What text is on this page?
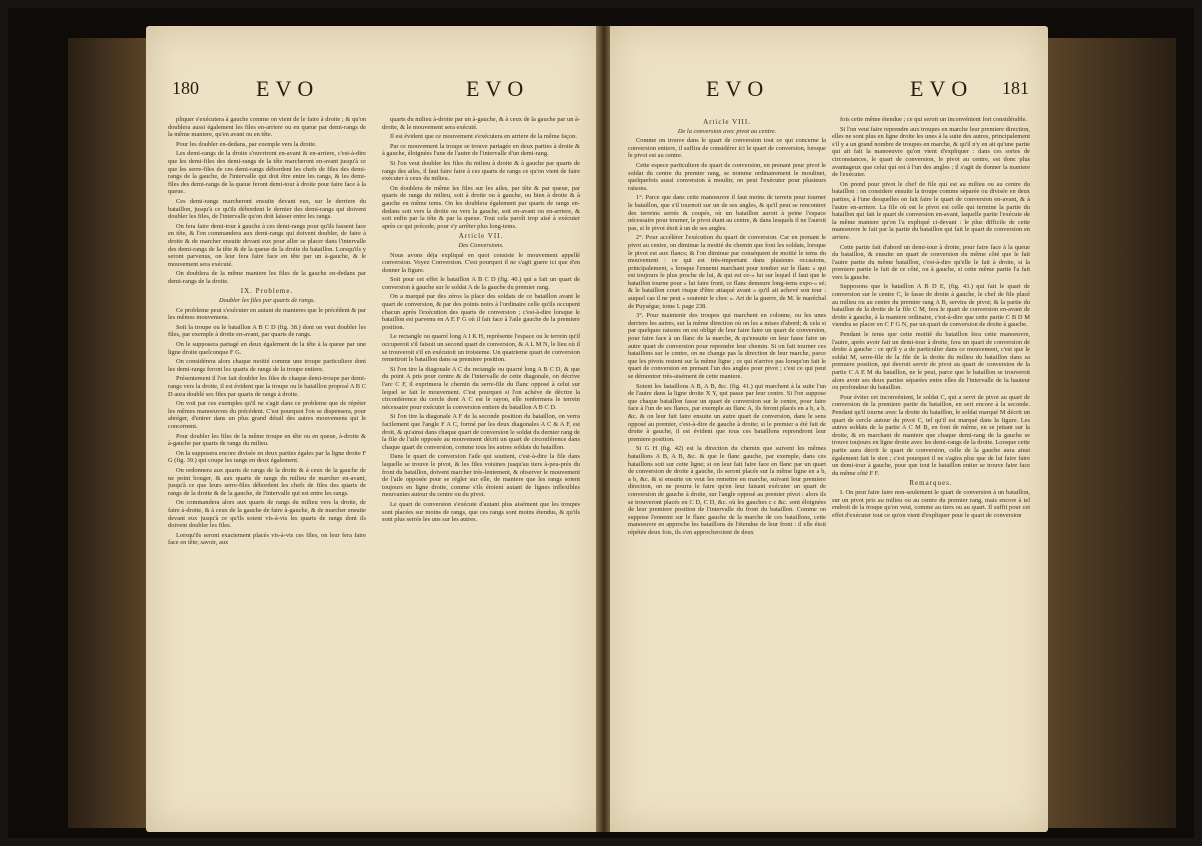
180	EVO	EVO

pliquer s'exécutera à gauche comme on vient de le faire à droite ; & qu'on doublera aussi également les files en-arriere ou en queue par demi-rangs de la même maniere, qu'en avant ou en tête.

Pour les doubler en-dedans, par exemple vers la droite.

Les demi-rangs de la droite s'ouvriront en-avant & en-arriere, c'est-à-dire que les demi-files des demi-rangs de la tête marcheront en-avant jusqu'à ce que les serre-files de ces demi-rangs débordent les chefs de files des demi-rangs de la gauche, de l'intervalle qui doit être entre les rangs, & les demi-files des demi-rangs de la queue feront demi-tour à droite pour faire face à la queue.

Ces demi-rangs marcheront ensuite devant eux, sur le derriere du bataillon, jusqu'à ce qu'ils débordent le dernier des demi-rangs qui doivent doubler les files, de l'intervalle qu'on doit laisser entre les rangs.

On fera faire demi-tour à gauche à ces demi-rangs pour qu'ils fassent face en tête, & l'on commandera aux demi-rangs qui doivent doubler, de faire à droite & de marcher ensuite devant eux pour aller se placer dans l'intervalle des demi-rangs de la tête & de la queue de la droite du bataillon. Lorsqu'ils y seront parvenus, on leur fera faire face en tête par un à-gauche, & le mouvement sera exécuté.

On doublera de la même maniere les files de la gauche en-dedans par demi-rangs de la droite.

IX. Probleme.

Doubler les files par quarts de rangs.

Ce probleme peut s'exécuter en autant de manieres que le précédent & par les mêmes mouvemens.

Soit la troupe ou le bataillon A B C D (fig. 38.) dont on veut doubler les files, par exemple à droite en-avant, par quarts de rangs.

On le supposera partagé en deux également de la tête à la queue par une ligne droite quelconque F G.

On considérera alors chaque moitié comme une troupe particuliere dont les demi-rangs feront les quarts de rangs de la troupe entiere.

Présentement il l'on fait doubler les files de chaque demi-troupe par demi-rangs vers la droite, il est évident que la troupe ou le bataillon proposé A B C D aura doublé ses files par quarts de rangs à droite.

On voit par ces exemples qu'il ne s'agit dans ce probleme que de répéter les mêmes manoeuvres du précédent. C'est pourquoi l'on se dispensera, pour abréger, d'entrer dans un plus grand détail des autres mouvemens qui le concernent.

Pour doubler les files de la même troupe en tête ou en queue, à-droite & à-gauche par quarts de rangs du milieu.

On la supposera encore divisée en deux parties égales par la ligne droite F G (fig. 39.) qui coupe les rangs en deux également.

On ordonnera aux quarts de rangs de la droite & à ceux de la gauche de ne point bouger, & aux quarts de rangs du milieu de marcher en-avant, jusqu'à ce que leurs serre-files débordent les chefs de files des quarts de rangs de la droite & de la gauche, de l'intervalle qui est entre les rangs.

On commandera alors aux quarts de rangs du milieu vers la droite, de faire à-droite, & à ceux de la gauche de faire à-gauche, & de marcher ensuite devant eux jusqu'à ce qu'ils soient vis-à-vis les quarts de rangs dont ils doivent doubler les files.

Lorsqu'ils seront exactement placés vis-à-vis ces files, on leur fera faire face en tête; savoir, aux

quarts du milieu à-droite par un à-gauche, & à ceux de la gauche par un à-droite, & le mouvement sera exécuté.

Il est évident que ce mouvement s'exécutera en arriere de la même façon.

Par ce mouvement la troupe se trouve partagée en deux parties à droite & à gauche, éloignées l'une de l'autre de l'intervalle d'un demi-rang.

Si l'on veut doubler les files du milieu à droite & à gauche par quarts de rangs des ailes, il faut faire faire à ces quarts de rangs ce qu'on vient de faire exécuter à ceux du milieu.

On doublera de même les files sur les ailes, par tête & par queue, par quarts de rangs du milieu, soit à droite ou à gauche, ou bien à droite & à gauche en même tems. On les doublera également par quarts de rangs en-dedans soit vers la droite ou vers la gauche, soit en-avant ou en-arriere, & soit enfin par la tête & par la queue. Tout cela paroît trop aisé à exécuter après ce qui précede, pour s'y arrêter plus long-tems.

Article VII.

Des Conversions.

Nous avons déja expliqué en quoi consiste le mouvement appellé conversion. Voyez Conversion. C'est pourquoi il ne s'agit guere ici que d'en donner la figure.

Soit pour cet effet le bataillon A B C D (fig. 40.) qui a fait un quart de conversion à gauche sur le soldat A de la gauche du premier rang.

On a marqué par des zéros la place des soldats de ce bataillon avant le quart de conversion, & par des points noirs à l'ordinaire celle qu'ils occupent chacun après l'exécution des quarts de conversion ; c'est-à-dire lorsque le bataillon est parvenu en A E F G où il fait face à l'aile gauche de la premiere position.

Le rectangle ou quarré long A I K H, représente l'espace ou le terrein qu'il occuperoit s'il faisoit un second quart de conversion, & A L M N, le lieu où il se trouveroit s'il en exécutoit un troisieme. Un quatrieme quart de conversion remettroit le bataillon dans sa premiere position.

Si l'on tire la diagonale A C du rectangle ou quarré long A B C D, & que du point A pris pour centre & de l'intervalle de cette diagonale, on décrive l'arc C F, il exprimera le chemin du serre-file du flanc opposé à celui sur lequel se fait le mouvement. C'est pourquoi si l'on achève de décrire la circonférence du cercle dont A C est le rayon, elle renfermera le terrein nécessaire pour exécuter la conversion entiere du bataillon A B C D.

Si l'on tire la diagonale A F de la seconde position du bataillon, on verra facilement que l'angle F A C, formé par les deux diagonales A C & A F, est droit, & qu'ainsi dans chaque quart de conversion le soldat du dernier rang de la file de l'aile opposée au mouvement décrit un quart de circonférence dans chaque quart de conversion, comme tous les autres soldats du bataillon.

Dans le quart de conversion l'aile qui soutient, c'est-à-dire la file dans laquelle se trouve le pivot, & les files voisines jusqu'au tiers à-peu-près du front du bataillon, doivent marcher très-lentement, & observer le mouvement de l'aile opposée pour se régler sur elle, de maniere que les rangs soient toujours en ligne droite, comme s'ils étoient autant de lignes inflexibles mouvantes autour du centre ou du pivot.

Le quart de conversion s'exécute d'autant plus aisément que les troupes sont placées sur moins de rangs, que ces rangs sont moins étendus, & qu'ils sont plus serrés les uns sur les autres.

EVO	EVO 181

Article VIII.

De la conversion avec pivot au centre.

Comme on trouve dans le quart de conversion tout ce qui concerne la conversion entiere, il suffira de considérer ici le quart de conversion, lorsque le pivot est au centre.

Cette espece particuliere de quart de conversion, en prenant pour pivot le soldat du centre du premier rang, se nomme ordinairement le moulinet, quelquefois aussi conversion à moulin; on peut l'exécuter pour plusieurs raisons.

1°. Parce que dans cette manoeuvre il faut moins de terrein pour tourner le bataillon, que s'il tournoit sur un de ses angles, & qu'il peut se rencontrer des terreins serrés & coupés, où un bataillon auroit à peine l'espace nécessaire pour tourner, le pivot étant au centre, & dans lesquels il ne l'auroit pas, si le pivot étoit à un de ses angles.

2°. Pour accélérer l'exécution du quart de conversion. Car en prenant le pivot au centre, on diminue la moitié du chemin que font les soldats, lorsque le pivot est aux flancs; & l'on diminue par conséquent de moitié le tems du mouvement : ce qui est très-important dans plusieurs occasions, principalement, « lorsque l'ennemi marchant pour tomber sur le flanc » qui est toujours le plus proche de lui, & qui est ce-» lui sur lequel il faut que le bataillon tourne pour » lui faire front, ce flanc demeure long-tems expo-» sé; & le bataillon court risque d'être attaqué avant » qu'il ait achevé son tour : auquel cas il ne peut » soutenir le choc ». Art de la guerre, de M. le maréchal de Puységur, tome I. page 238.

3°. Pour maintenir des troupes qui marchent en colonne, ou les unes derriere les autres, sur la même direction où on les a mises d'abord; & cela si par quelques raisons on est obligé de leur faire faire un quart de conversion, pour faire face à un flanc de la marche, & qu'ensuite on leur fasse faire un autre quart de conversion pour reprendre leur chemin. Si on fait tourner ces bataillons sur le centre, on ne change pas la direction de leur marche, parce que les pivots restent sur la même ligne ; ce qui n'arrive pas lorsqu'on fait le quart de conversion en prenant l'un des angles pour pivot ; c'est ce qui peut se démontrer très-aisément de cette maniere.

Soient les bataillons A B, A B, &c. (fig. 41.) qui marchent à la suite l'un de l'autre dans la ligne droite X Y, qui passe par leur centre. Si l'on suppose que chaque bataillon fasse un quart de conversion sur le centre, pour faire face à l'un de ses flancs, par exemple au flanc A, ils feront placés en a b, a b, &c. & on leur fait faire ensuite un autre quart de conversion, dans le sens opposé au premier, c'est-à-dire de gauche à droite; si le premier a été fait de droite à gauche, il est évident que tous ces bataillons reprendront leur premiere position.

Si G H (fig. 42) est la direction du chemin que suivent les mêmes bataillons A B, A B, &c. & que le flanc gauche, par exemple, dans ces bataillons soit sur cette ligne; si on leur fait faire face en flanc par un quart de conversion de droite à gauche, ils seront placés sur la même ligne en a b, a b, &c. & si ensuite on veut les remettre en marche, suivant leur premiere direction, on ne pourra le faire qu'en leur faisant exécuter un quart de conversion de gauche à droite, sur l'angle opposé au premier pivot : alors ils se trouveront placés en C D, C D, &c. où les gauches c c &c. sont éloignées de leur premiere position de l'intervalle du front du bataillon. Comme on suppose l'ennemi sur le flanc gauche de la marche de ces bataillons, cette manoeuvre en approche les bataillons de l'étendue de leur front : il elle étoit répétée deux fois, ils s'en approcheroient de deux

fois cette même étendue ; ce qui seroit un inconvénient fort considérable.

Si l'on veut faire reprendre aux troupes en marche leur premiere direction, elles ne sont plus en ligne droite les unes à la suite des autres, principalement s'il y a un grand nombre de troupes en marche, & qu'il n'y en ait qu'une partie qui ait fait la manoeuvre qu'on vient d'expliquer : dans ces sortes de circonstances, le quart de conversion, le pivot au centre, est donc plus avantageux que celui qui est à l'un des angles ; il s'agit de donner la maniere de l'exécuter.

On prend pour pivot le chef de file qui est au milieu ou au centre du bataillon : on considere ensuite la troupe comme séparée ou divisée en deux parties, à l'une desquelles on fait faire le quart de conversion en-avant, & à l'autre en-arriere. La file où est le pivot est celle qui termine la partie du bataillon qui fait le quart de conversion en-avant, laquelle partie l'exécute de la même maniere qu'on l'a expliqué ci-devant : le plus difficile de cette manoeuvre le fait par la partie du bataillon qui fait le quart de conversion en arriere.

Cette partie fait d'abord un demi-tour à droite, pour faire face à la queue du bataillon, & ensuite un quart de conversion du même côté que le fait l'autre partie du même bataillon, c'est-à-dire qu'elle le fait à droite, si la premiere partie le fait de ce côté, ou à gauche, si cette même partie l'a fait vers la gauche.

Supposons que le bataillon A B D E, (fig. 43.) qui fait le quart de conversion sur le centre C, le fasse de droite à gauche, le chef de file placé au milieu ou au centre du premier rang A B, servira de pivot; & la partie du bataillon de la droite de la file C M, fera le quart de conversion en-avant de droite à gauche, à la maniere ordinaire, c'est-à-dire que cette partie C B D M viendra se placer en C F G N, par un quart de conversion de droite à gauche.

Pendant le tems que cette moitié du bataillon fera cette manoeuvre, l'autre, après avoir fait un demi-tour à droite, fera un quart de conversion de droite à gauche : ce qu'il y a de particulier dans ce mouvement, c'est que le soldat M, serre-file de la file de la droite du milieu du bataillon dans sa premiere position, qui devroit servir de pivot au quart de conversion de la partie C A E M du bataillon, ne le peut, parce que le bataillon se trouveroit alors avoir ses deux parties séparées entre elles de l'intervalle de la hauteur ou profondeur du bataillon.

Pour éviter cet inconvénient, le soldat C, qui a servi de pivot au quart de conversion de la premiere partie du bataillon, en sert encore à la seconde. Pendant qu'il tourne avec la droite du bataillon, le soldat marqué M décrit un quart de cercle autour du pivot C, tel qu'il est marqué dans la figure. Les autres soldats de la partie A C M B, en font de même, en se jettant sur la droite, & en marchant de maniere que chaque demi-rang de la gauche se trouve toujours en ligne droite avec les demi-rangs de la droite. Lorsque cette partie aura décrit le quart de conversion, celle de la gauche aura ainsi également fait le sien ; c'est pourquoi il ne s'agira plus que de lui faire faire un demi-tour à gauche, pour que tout le bataillon entier se trouve faire face du même côté F F.

Remarques.

I. On peut faire faire non-seulement le quart de conversion à un bataillon, sur un pivot pris au milieu ou au centre du premier rang, mais encore à tel endroit de la troupe qu'on veut, comme au tiers ou au quart. Il suffit pour cet effet d'exécuter tout ce qu'on vient d'expliquer pour le quart de conversion
